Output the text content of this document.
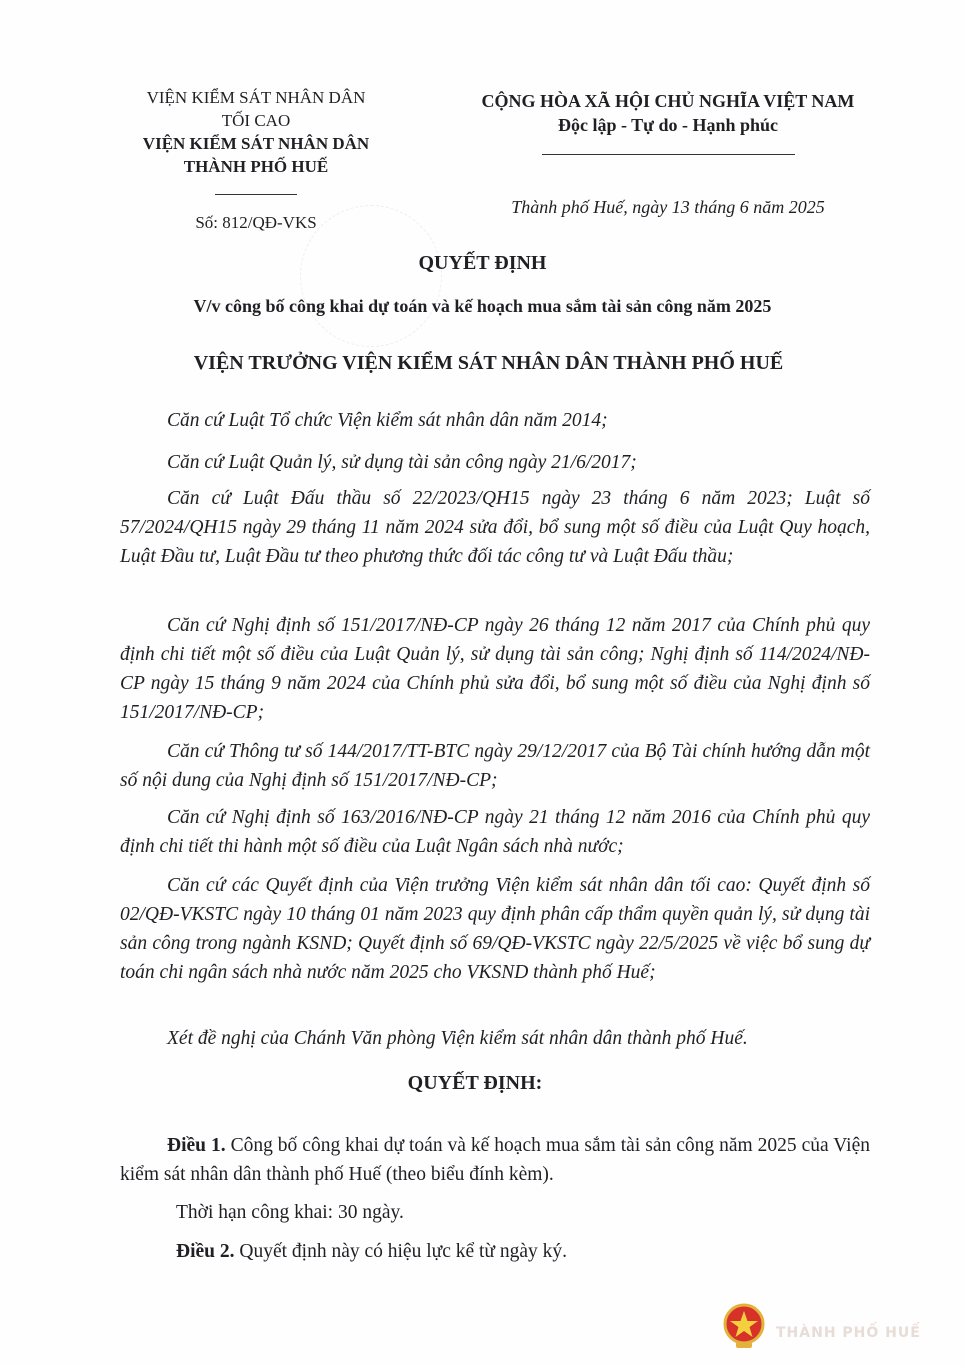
VIỆN KIỂM SÁT NHÂN DÂN
TỐI CAO
VIỆN KIỂM SÁT NHÂN DÂN
THÀNH PHỐ HUẾ
Số: 812/QĐ-VKS
CỘNG HÒA XÃ HỘI CHỦ NGHĨA VIỆT NAM
Độc lập - Tự do - Hạnh phúc
Thành phố Huế, ngày 13 tháng 6 năm 2025
QUYẾT ĐỊNH
V/v công bố công khai dự toán và kế hoạch mua sắm tài sản công năm 2025
VIỆN TRƯỞNG VIỆN KIỂM SÁT NHÂN DÂN THÀNH PHỐ HUẾ
Căn cứ Luật Tổ chức Viện kiểm sát nhân dân năm 2014;
Căn cứ Luật Quản lý, sử dụng tài sản công ngày 21/6/2017;
Căn cứ Luật Đấu thầu số 22/2023/QH15 ngày 23 tháng 6 năm 2023; Luật số 57/2024/QH15 ngày 29 tháng 11 năm 2024 sửa đổi, bổ sung một số điều của Luật Quy hoạch, Luật Đầu tư, Luật Đầu tư theo phương thức đối tác công tư và Luật Đấu thầu;
Căn cứ Nghị định số 151/2017/NĐ-CP ngày 26 tháng 12 năm 2017 của Chính phủ quy định chi tiết một số điều của Luật Quản lý, sử dụng tài sản công; Nghị định số 114/2024/NĐ-CP ngày 15 tháng 9 năm 2024 của Chính phủ sửa đổi, bổ sung một số điều của Nghị định số 151/2017/NĐ-CP;
Căn cứ Thông tư số 144/2017/TT-BTC ngày 29/12/2017 của Bộ Tài chính hướng dẫn một số nội dung của Nghị định số 151/2017/NĐ-CP;
Căn cứ Nghị định số 163/2016/NĐ-CP ngày 21 tháng 12 năm 2016 của Chính phủ quy định chi tiết thi hành một số điều của Luật Ngân sách nhà nước;
Căn cứ các Quyết định của Viện trưởng Viện kiểm sát nhân dân tối cao: Quyết định số 02/QĐ-VKSTC ngày 10 tháng 01 năm 2023 quy định phân cấp thẩm quyền quản lý, sử dụng tài sản công trong ngành KSND; Quyết định số 69/QĐ-VKSTC ngày 22/5/2025 về việc bổ sung dự toán chi ngân sách nhà nước năm 2025 cho VKSND thành phố Huế;
Xét đề nghị của Chánh Văn phòng Viện kiểm sát nhân dân thành phố Huế.
QUYẾT ĐỊNH:
Điều 1. Công bố công khai dự toán và kế hoạch mua sắm tài sản công năm 2025 của Viện kiểm sát nhân dân thành phố Huế (theo biểu đính kèm).
Thời hạn công khai: 30 ngày.
Điều 2. Quyết định này có hiệu lực kể từ ngày ký.
THÀNH PHỐ HUẾ
